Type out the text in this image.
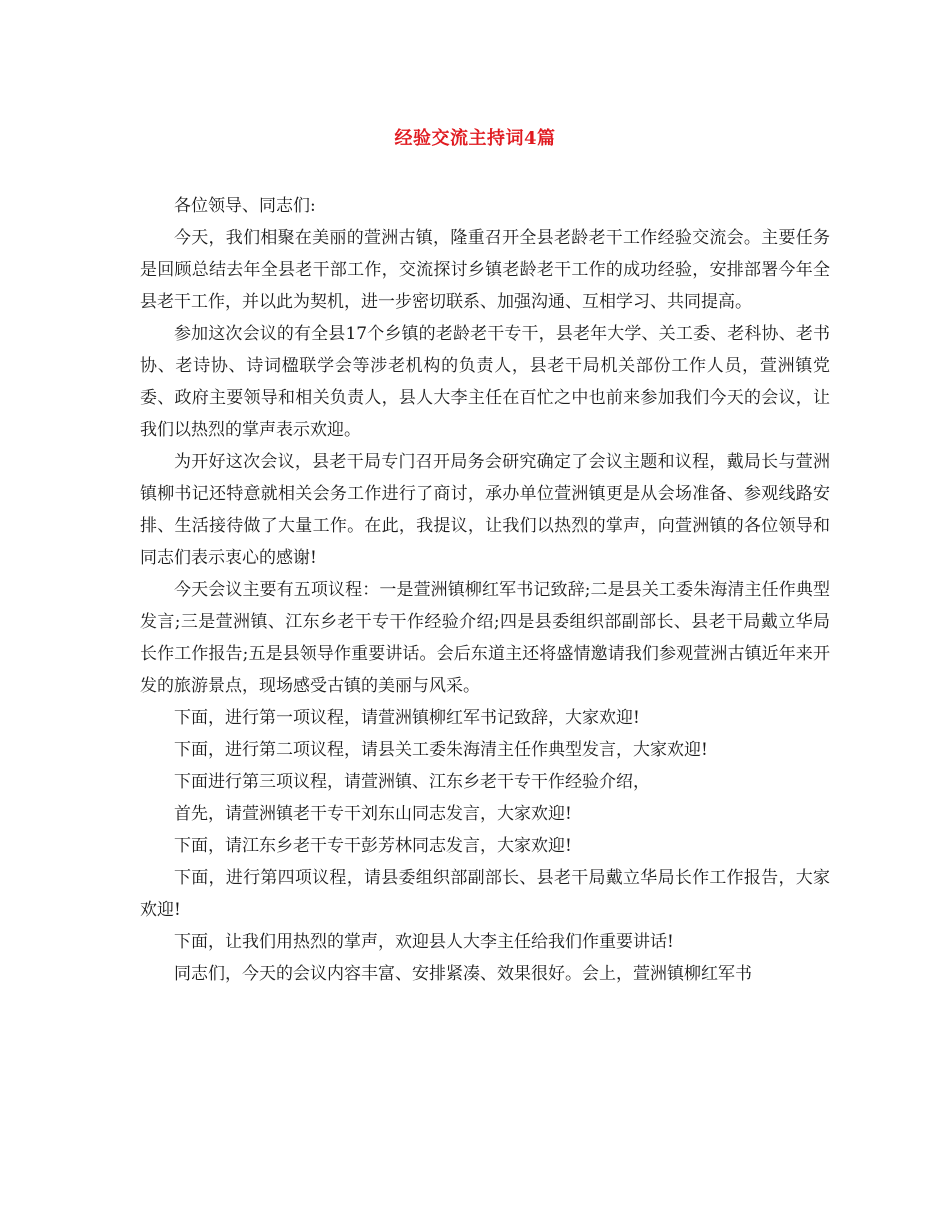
经验交流主持词4篇

各位领导、同志们:

今天，我们相聚在美丽的萱洲古镇，隆重召开全县老龄老干工作经验交流会。主要任务是回顾总结去年全县老干部工作，交流探讨乡镇老龄老干工作的成功经验，安排部署今年全县老干工作，并以此为契机，进一步密切联系、加强沟通、互相学习、共同提高。

参加这次会议的有全县17个乡镇的老龄老干专干，县老年大学、关工委、老科协、老书协、老诗协、诗词楹联学会等涉老机构的负责人，县老干局机关部份工作人员，萱洲镇党委、政府主要领导和相关负责人，县人大李主任在百忙之中也前来参加我们今天的会议，让我们以热烈的掌声表示欢迎。

为开好这次会议，县老干局专门召开局务会研究确定了会议主题和议程，戴局长与萱洲镇柳书记还特意就相关会务工作进行了商讨，承办单位萱洲镇更是从会场准备、参观线路安排、生活接待做了大量工作。在此，我提议，让我们以热烈的掌声，向萱洲镇的各位领导和同志们表示衷心的感谢!

今天会议主要有五项议程：一是萱洲镇柳红军书记致辞;二是县关工委朱海清主任作典型发言;三是萱洲镇、江东乡老干专干作经验介绍;四是县委组织部副部长、县老干局戴立华局长作工作报告;五是县领导作重要讲话。会后东道主还将盛情邀请我们参观萱洲古镇近年来开发的旅游景点，现场感受古镇的美丽与风采。

下面，进行第一项议程，请萱洲镇柳红军书记致辞，大家欢迎!

下面，进行第二项议程，请县关工委朱海清主任作典型发言，大家欢迎!

下面进行第三项议程，请萱洲镇、江东乡老干专干作经验介绍，

首先，请萱洲镇老干专干刘东山同志发言，大家欢迎!

下面，请江东乡老干专干彭芳林同志发言，大家欢迎!

下面，进行第四项议程，请县委组织部副部长、县老干局戴立华局长作工作报告，大家欢迎!

下面，让我们用热烈的掌声，欢迎县人大李主任给我们作重要讲话!

同志们，今天的会议内容丰富、安排紧凑、效果很好。会上，萱洲镇柳红军书
